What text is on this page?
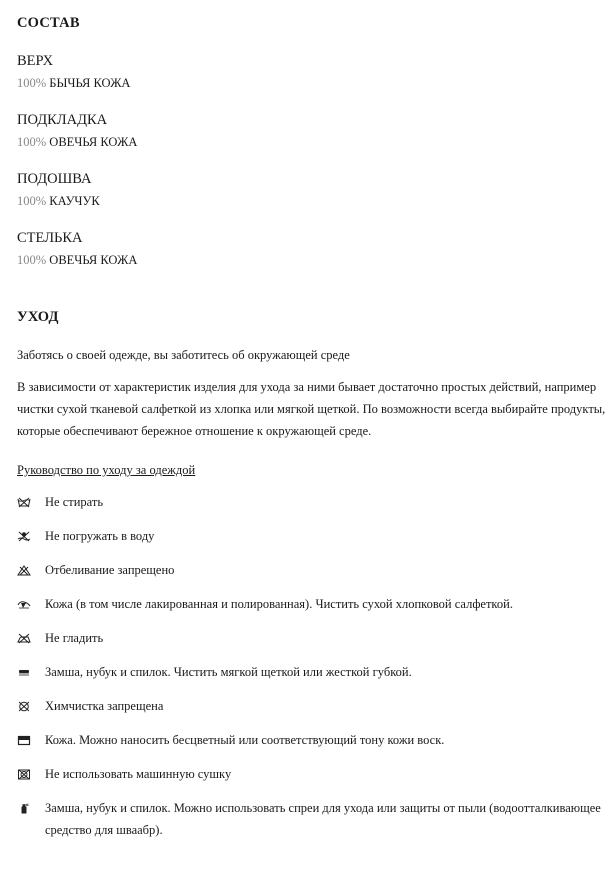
СОСТАВ
ВЕРХ
100% БЫЧЬЯ КОЖА
ПОДКЛАДКА
100% ОВЕЧЬЯ КОЖА
ПОДОШВА
100% КАУЧУК
СТЕЛЬКА
100% ОВЕЧЬЯ КОЖА
УХОД
Заботясь о своей одежде, вы заботитесь об окружающей среде
В зависимости от характеристик изделия для ухода за ними бывает достаточно простых действий, например чистки сухой тканевой салфеткой из хлопка или мягкой щеткой. По возможности всегда выбирайте продукты, которые обеспечивают бережное отношение к окружающей среде.
Руководство по уходу за одеждой
Не стирать
Не погружать в воду
Отбеливание запрещено
Кожа (в том числе лакированная и полированная). Чистить сухой хлопковой салфеткой.
Не гладить
Замша, нубук и спилок. Чистить мягкой щеткой или жесткой губкой.
Химчистка запрещена
Кожа. Можно наносить бесцветный или соответствующий тону кожи воск.
Не использовать машинную сушку
Замша, нубук и спилок. Можно использовать спреи для ухода или защиты от пыли (водоотталкивающее средство для шваабр).
